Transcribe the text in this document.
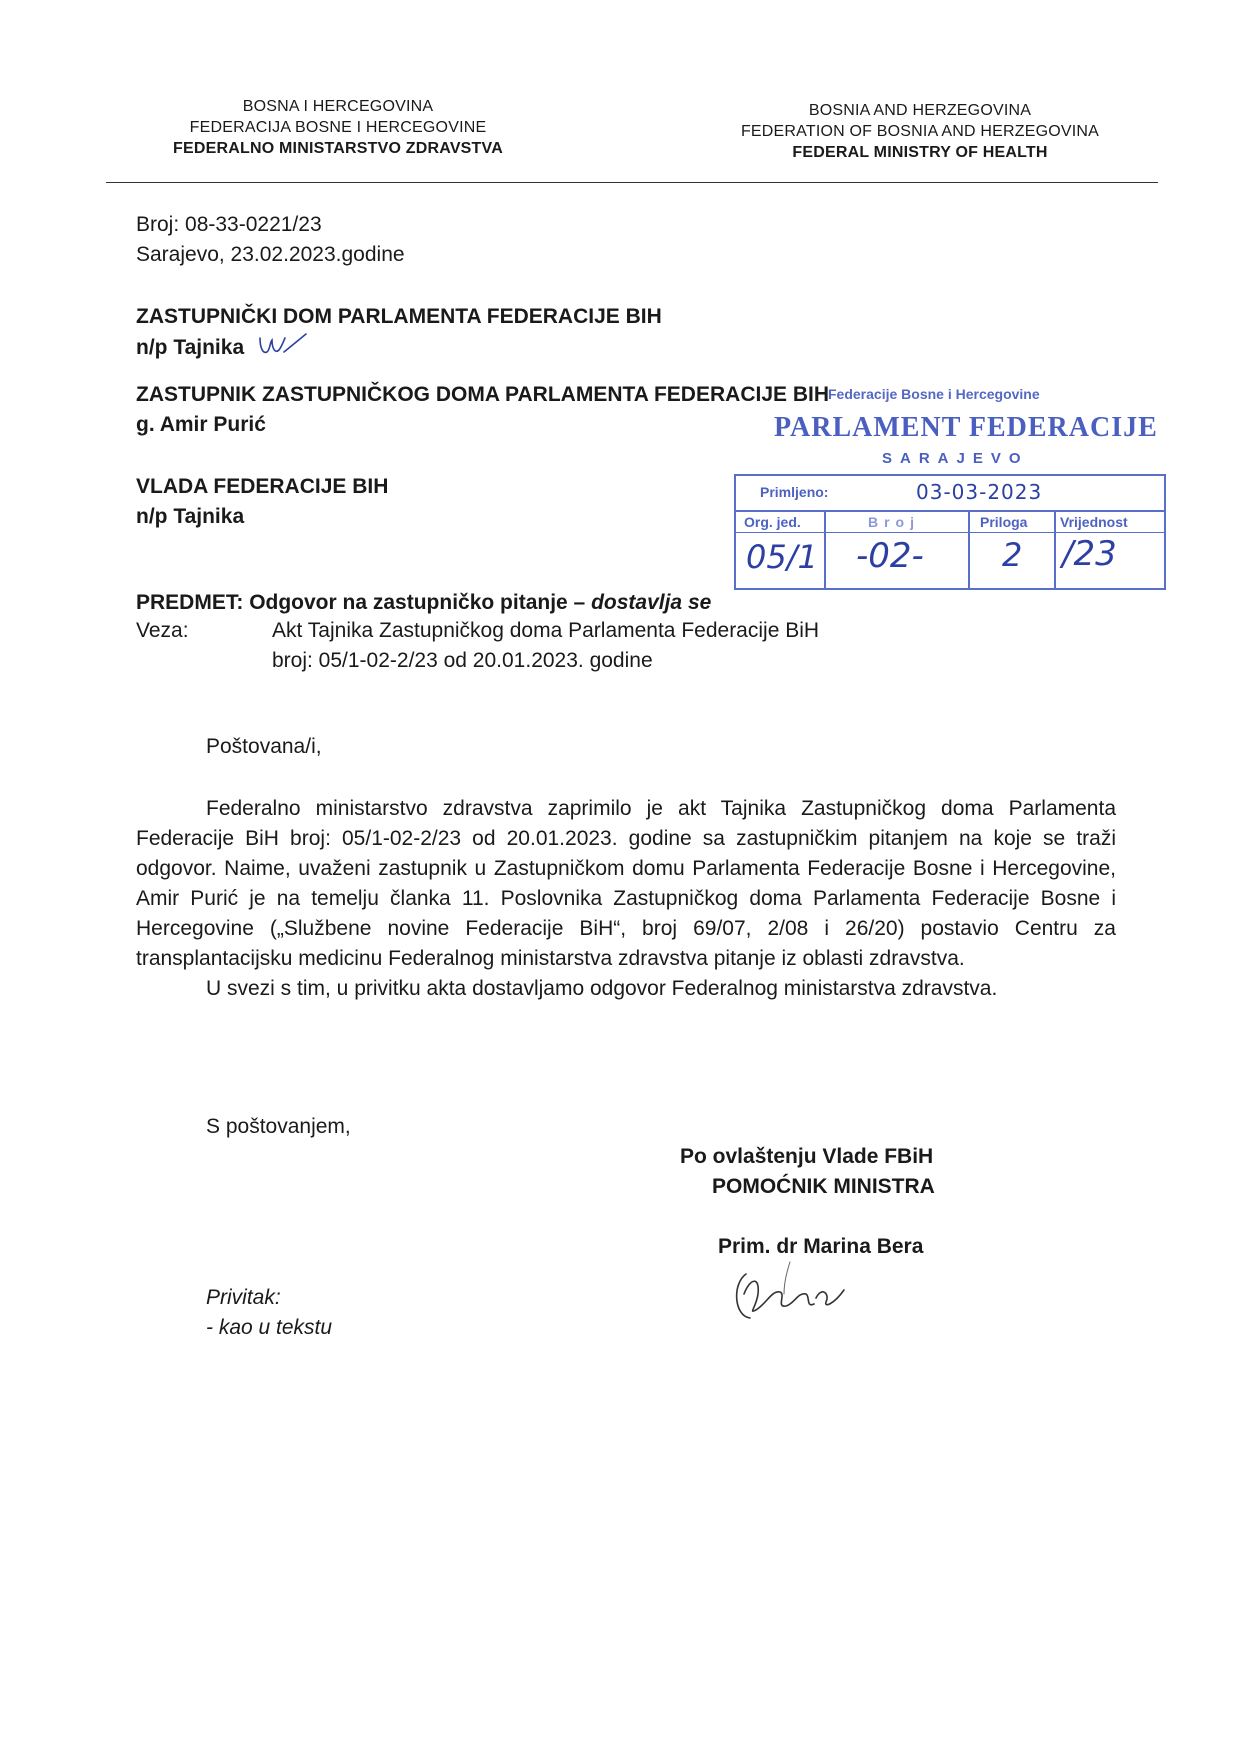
BOSNA I HERCEGOVINA
FEDERACIJA BOSNE I HERCEGOVINE
FEDERALNO MINISTARSTVO ZDRAVSTVA
BOSNIA AND HERZEGOVINA
FEDERATION OF BOSNIA AND HERZEGOVINA
FEDERAL MINISTRY OF HEALTH
Broj: 08-33-0221/23
Sarajevo, 23.02.2023.godine
ZASTUPNIČKI DOM PARLAMENTA FEDERACIJE BIH
n/p Tajnika
ZASTUPNIK ZASTUPNIČKOG DOMA PARLAMENTA FEDERACIJE BIH
g. Amir Purić
VLADA FEDERACIJE BIH
n/p Tajnika
Federacije Bosne i Hercegovine
PARLAMENT FEDERACIJE
SARAJEVO
Primljeno:	03-03-2023
Org. jed.	Broj	Priloga Vrijednost
05/1 -02- 2 /23
PREDMET: Odgovor na zastupničko pitanje – dostavlja se
Veza:	Akt Tajnika Zastupničkog doma Parlamenta Federacije BiH
broj: 05/1-02-2/23 od 20.01.2023. godine
Poštovana/i,

Federalno ministarstvo zdravstva zaprimilo je akt Tajnika Zastupničkog doma Parlamenta Federacije BiH broj: 05/1-02-2/23 od 20.01.2023. godine sa zastupničkim pitanjem na koje se traži odgovor. Naime, uvaženi zastupnik u Zastupničkom domu Parlamenta Federacije Bosne i Hercegovine, Amir Purić je na temelju članka 11. Poslovnika Zastupničkog doma Parlamenta Federacije Bosne i Hercegovine („Službene novine Federacije BiH“, broj 69/07, 2/08 i 26/20) postavio Centru za transplantacijsku medicinu Federalnog ministarstva zdravstva pitanje iz oblasti zdravstva.

U svezi s tim, u privitku akta dostavljamo odgovor Federalnog ministarstva zdravstva.

S poštovanjem,
Po ovlaštenju Vlade FBiH
POMOĆNIK MINISTRA
Prim. dr Marina Bera
Privitak:
- kao u tekstu
